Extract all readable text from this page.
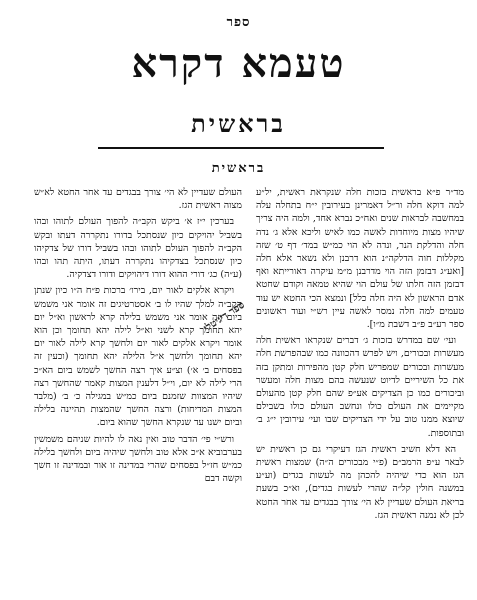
ספר
טעמא דקרא
בראשית
בראשית
ספר דיגיטלי

מד״ר פ״א בראשית בזכות חלה שנקראת ראשית, יל״ע למה דוקא חלה ור״ל דאמרינן בעירובין י״ח בתחלה עלה במחשבה לבראות שנים ואח״כ נברא אחד, ולמה היה צריך שיהיו מצות מיוחדות לאשה כמו לאיש וליכא אלא ג׳ נדה חלה והדלקת הנר, ונדה לא הוי כמ״ש במד׳ דף ט׳ שזה מקללות חוה הדלקה״נ הוא דרבנן ולא נשאר אלא חלה [ואע״ג דבזמן הזה הוי מדרבנן מ״מ עיקרה דאורייתא ואף דבזמן הזה חלתו של עולם הוי שהיא טמאה וקודם שחטא אדם הראשון לא היה חלה כלל] ונמצא הכי החטא יש עוד טעמים למה חלה נמסר לאשה עיין רש״י ועוד ראשונים ספר רע״ב פ״ב דשבת מ״ו].

ועי׳ שם במדרש בזכות ג׳ דברים שנקראו ראשית חלה מעשרות ובכורים, ויש לפרש דהכוונה כמו שבהפרשת חלה מעשרות ובכורים שמפריש חלק קטן מהפירות ומתקן בזה את כל השיריים לדיוט שנעשה בהם מצות חלה ומעשר וביכורים כמו כן הצדיקים אע״פ שהם חלק קטן מהעולם מקיימים את העולם כולו ונחשב העולם כולו בשבילם שיוצא ממנו טוב על ידי הצדיקים שבו ועי׳ עירובין י״ג ב׳ ובתוספות.

הא דלא חשיב ראשית הגז דעיקרי גם כן ראשית יש לבאר ע״פ הרמב״ם (פ״י מבכורים ה״ה) שמצות ראשית הגז הוא כדי שיהיה להכהן מה לעשות בגדים (וע״ע במשנה חולין קל״ה שהרי לעשות בגדים), וא״כ בשעת בריאת העולם שעדיין לא הי׳ צורך בבגדים עד אחר החטא לכן לא נמנה ראשית הגז.

העולם שעדיין לא הי׳ צורך בבגדים עד אחר החטא לא״ש מצוה ראשית הגז.

בערכין י״ז א׳ ביקש הקב״ה להפוך העולם לתוהו ובהו בשביל יהויקים כיון שנסתכל בדורו נתקררה דעתו ובקש הקב״ה להפוך העולם לתוהו ובהו בשביל דורו של צדקיהו כיון שנסתכל בצדקיהו נתקררה דעתו, היתה תהו ובהו (ע״ה) כג׳ דורי ההוא דורו דיהויקים ודורו דצדקיה.

ויקרא אלקים לאור יום, בירו׳ ברכות פ״ח ה״ו כיון שנתן הקב״ה למלך שהיו לו ב׳ אסטרטיגים זה אומר אני משמש ביום וזה אומר אני משמש בלילה קרא לראשון וא״ל יום יהא תחומך קרא לשני וא״ל לילה יהא תחומך וכן הוא אומר ויקרא אלקים לאור יום ולחשך קרא לילה לאור יום יהא תחומך ולחשך א״ל הלילה יהא תחומך (וכעין זה בפסחים ב׳ א׳) וצ״ע איך רצה החשך לשמש ביום הא״כ הרי לילה לא יום, וי״ל דלענין המצות קאמר שהחשך רצה שיהיו המצוות שזמנם ביום כמ״ש במגילה כ׳ ב׳ (מלבד המצות המדיחות) ורצה החשך שהמצות תהיינה בלילה וביום ישנו עד שנקרא החשך שהוא ביום.

ורש״י פי׳ הדבר טוב ואין נאה לו להיות שניהם משמשין בערבוביא א״כ אלא טוב ולחשך שיהיה ביום ולחשך בלילה כמ״ש חז״ל בפסחים שהרי במדינה זו אור ובמדינה זו חשך וקשה דבם
